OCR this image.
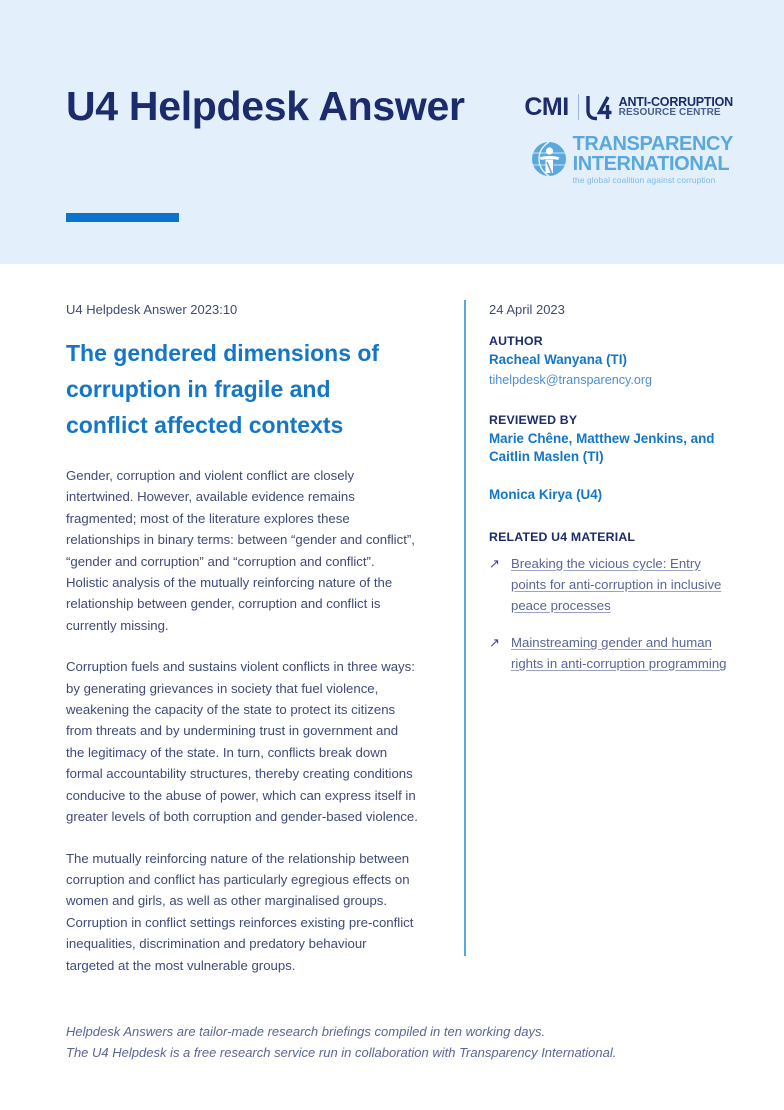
U4 Helpdesk Answer CMI	ANTI-CORRUPTION
RESOURCE CENTRE
TRANSPARENCY
INTERNATIONAL
the global coalition against corruption
U4 Helpdesk Answer 2023:10
The gendered dimensions of corruption in fragile and conflict affected contexts

Gender, corruption and violent conflict are closely intertwined. However, available evidence remains fragmented; most of the literature explores these relationships in binary terms: between “gender and conflict”, “gender and corruption” and “corruption and conflict”. Holistic analysis of the mutually reinforcing nature of the relationship between gender, corruption and conflict is currently missing.

Corruption fuels and sustains violent conflicts in three ways: by generating grievances in society that fuel violence, weakening the capacity of the state to protect its citizens from threats and by undermining trust in government and the legitimacy of the state. In turn, conflicts break down formal accountability structures, thereby creating conditions conducive to the abuse of power, which can express itself in greater levels of both corruption and gender-based violence.

The mutually reinforcing nature of the relationship between corruption and conflict has particularly egregious effects on women and girls, as well as other marginalised groups. Corruption in conflict settings reinforces existing pre-conflict inequalities, discrimination and predatory behaviour targeted at the most vulnerable groups.

24 April 2023
AUTHOR
Racheal Wanyana (TI)
tihelpdesk@transparency.org
REVIEWED BY
Marie Chêne, Matthew Jenkins, and Caitlin Maslen (TI)
Monica Kirya (U4)
RELATED U4 MATERIAL
↗ Breaking the vicious cycle: Entry points for anti-corruption in inclusive peace processes
↗ Mainstreaming gender and human rights in anti-corruption programming
Helpdesk Answers are tailor-made research briefings compiled in ten working days.
The U4 Helpdesk is a free research service run in collaboration with Transparency International.
